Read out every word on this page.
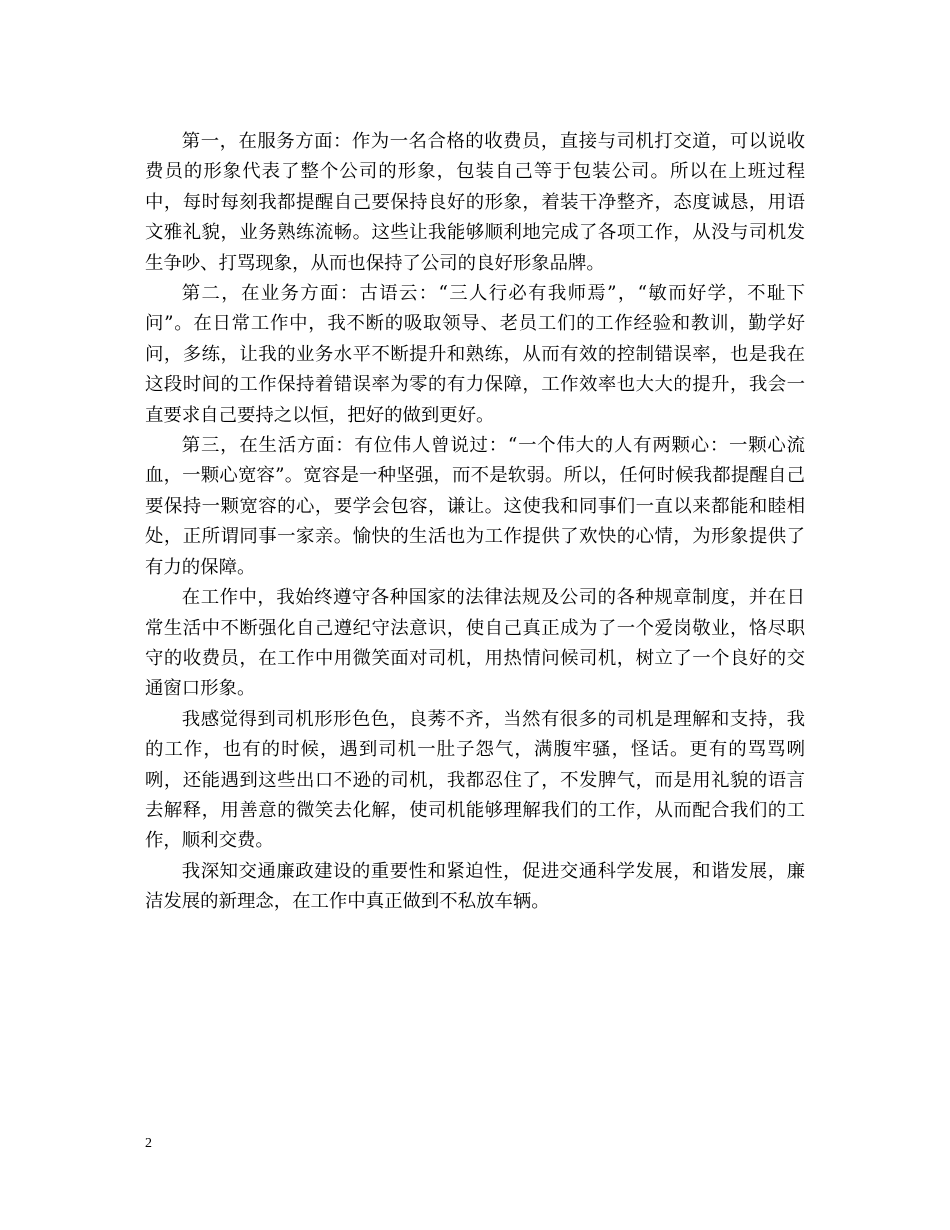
第一，在服务方面：作为一名合格的收费员，直接与司机打交道，可以说收费员的形象代表了整个公司的形象，包装自己等于包装公司。所以在上班过程中，每时每刻我都提醒自己要保持良好的形象，着装干净整齐，态度诚恳，用语文雅礼貌，业务熟练流畅。这些让我能够顺利地完成了各项工作，从没与司机发生争吵、打骂现象，从而也保持了公司的良好形象品牌。

第二，在业务方面：古语云：“三人行必有我师焉”，“敏而好学，不耻下问”。在日常工作中，我不断的吸取领导、老员工们的工作经验和教训，勤学好问，多练，让我的业务水平不断提升和熟练，从而有效的控制错误率，也是我在这段时间的工作保持着错误率为零的有力保障，工作效率也大大的提升，我会一直要求自己要持之以恒，把好的做到更好。

第三，在生活方面：有位伟人曾说过：“一个伟大的人有两颗心：一颗心流血，一颗心宽容”。宽容是一种坚强，而不是软弱。所以，任何时候我都提醒自己要保持一颗宽容的心，要学会包容，谦让。这使我和同事们一直以来都能和睦相处，正所谓同事一家亲。愉快的生活也为工作提供了欢快的心情，为形象提供了有力的保障。

在工作中，我始终遵守各种国家的法律法规及公司的各种规章制度，并在日常生活中不断强化自己遵纪守法意识，使自己真正成为了一个爱岗敬业，恪尽职守的收费员，在工作中用微笑面对司机，用热情问候司机，树立了一个良好的交通窗口形象。

我感觉得到司机形形色色，良莠不齐，当然有很多的司机是理解和支持，我的工作，也有的时候，遇到司机一肚子怨气，满腹牢骚，怪话。更有的骂骂咧咧，还能遇到这些出口不逊的司机，我都忍住了，不发脾气，而是用礼貌的语言去解释，用善意的微笑去化解，使司机能够理解我们的工作，从而配合我们的工作，顺利交费。

我深知交通廉政建设的重要性和紧迫性，促进交通科学发展，和谐发展，廉洁发展的新理念，在工作中真正做到不私放车辆。

2
